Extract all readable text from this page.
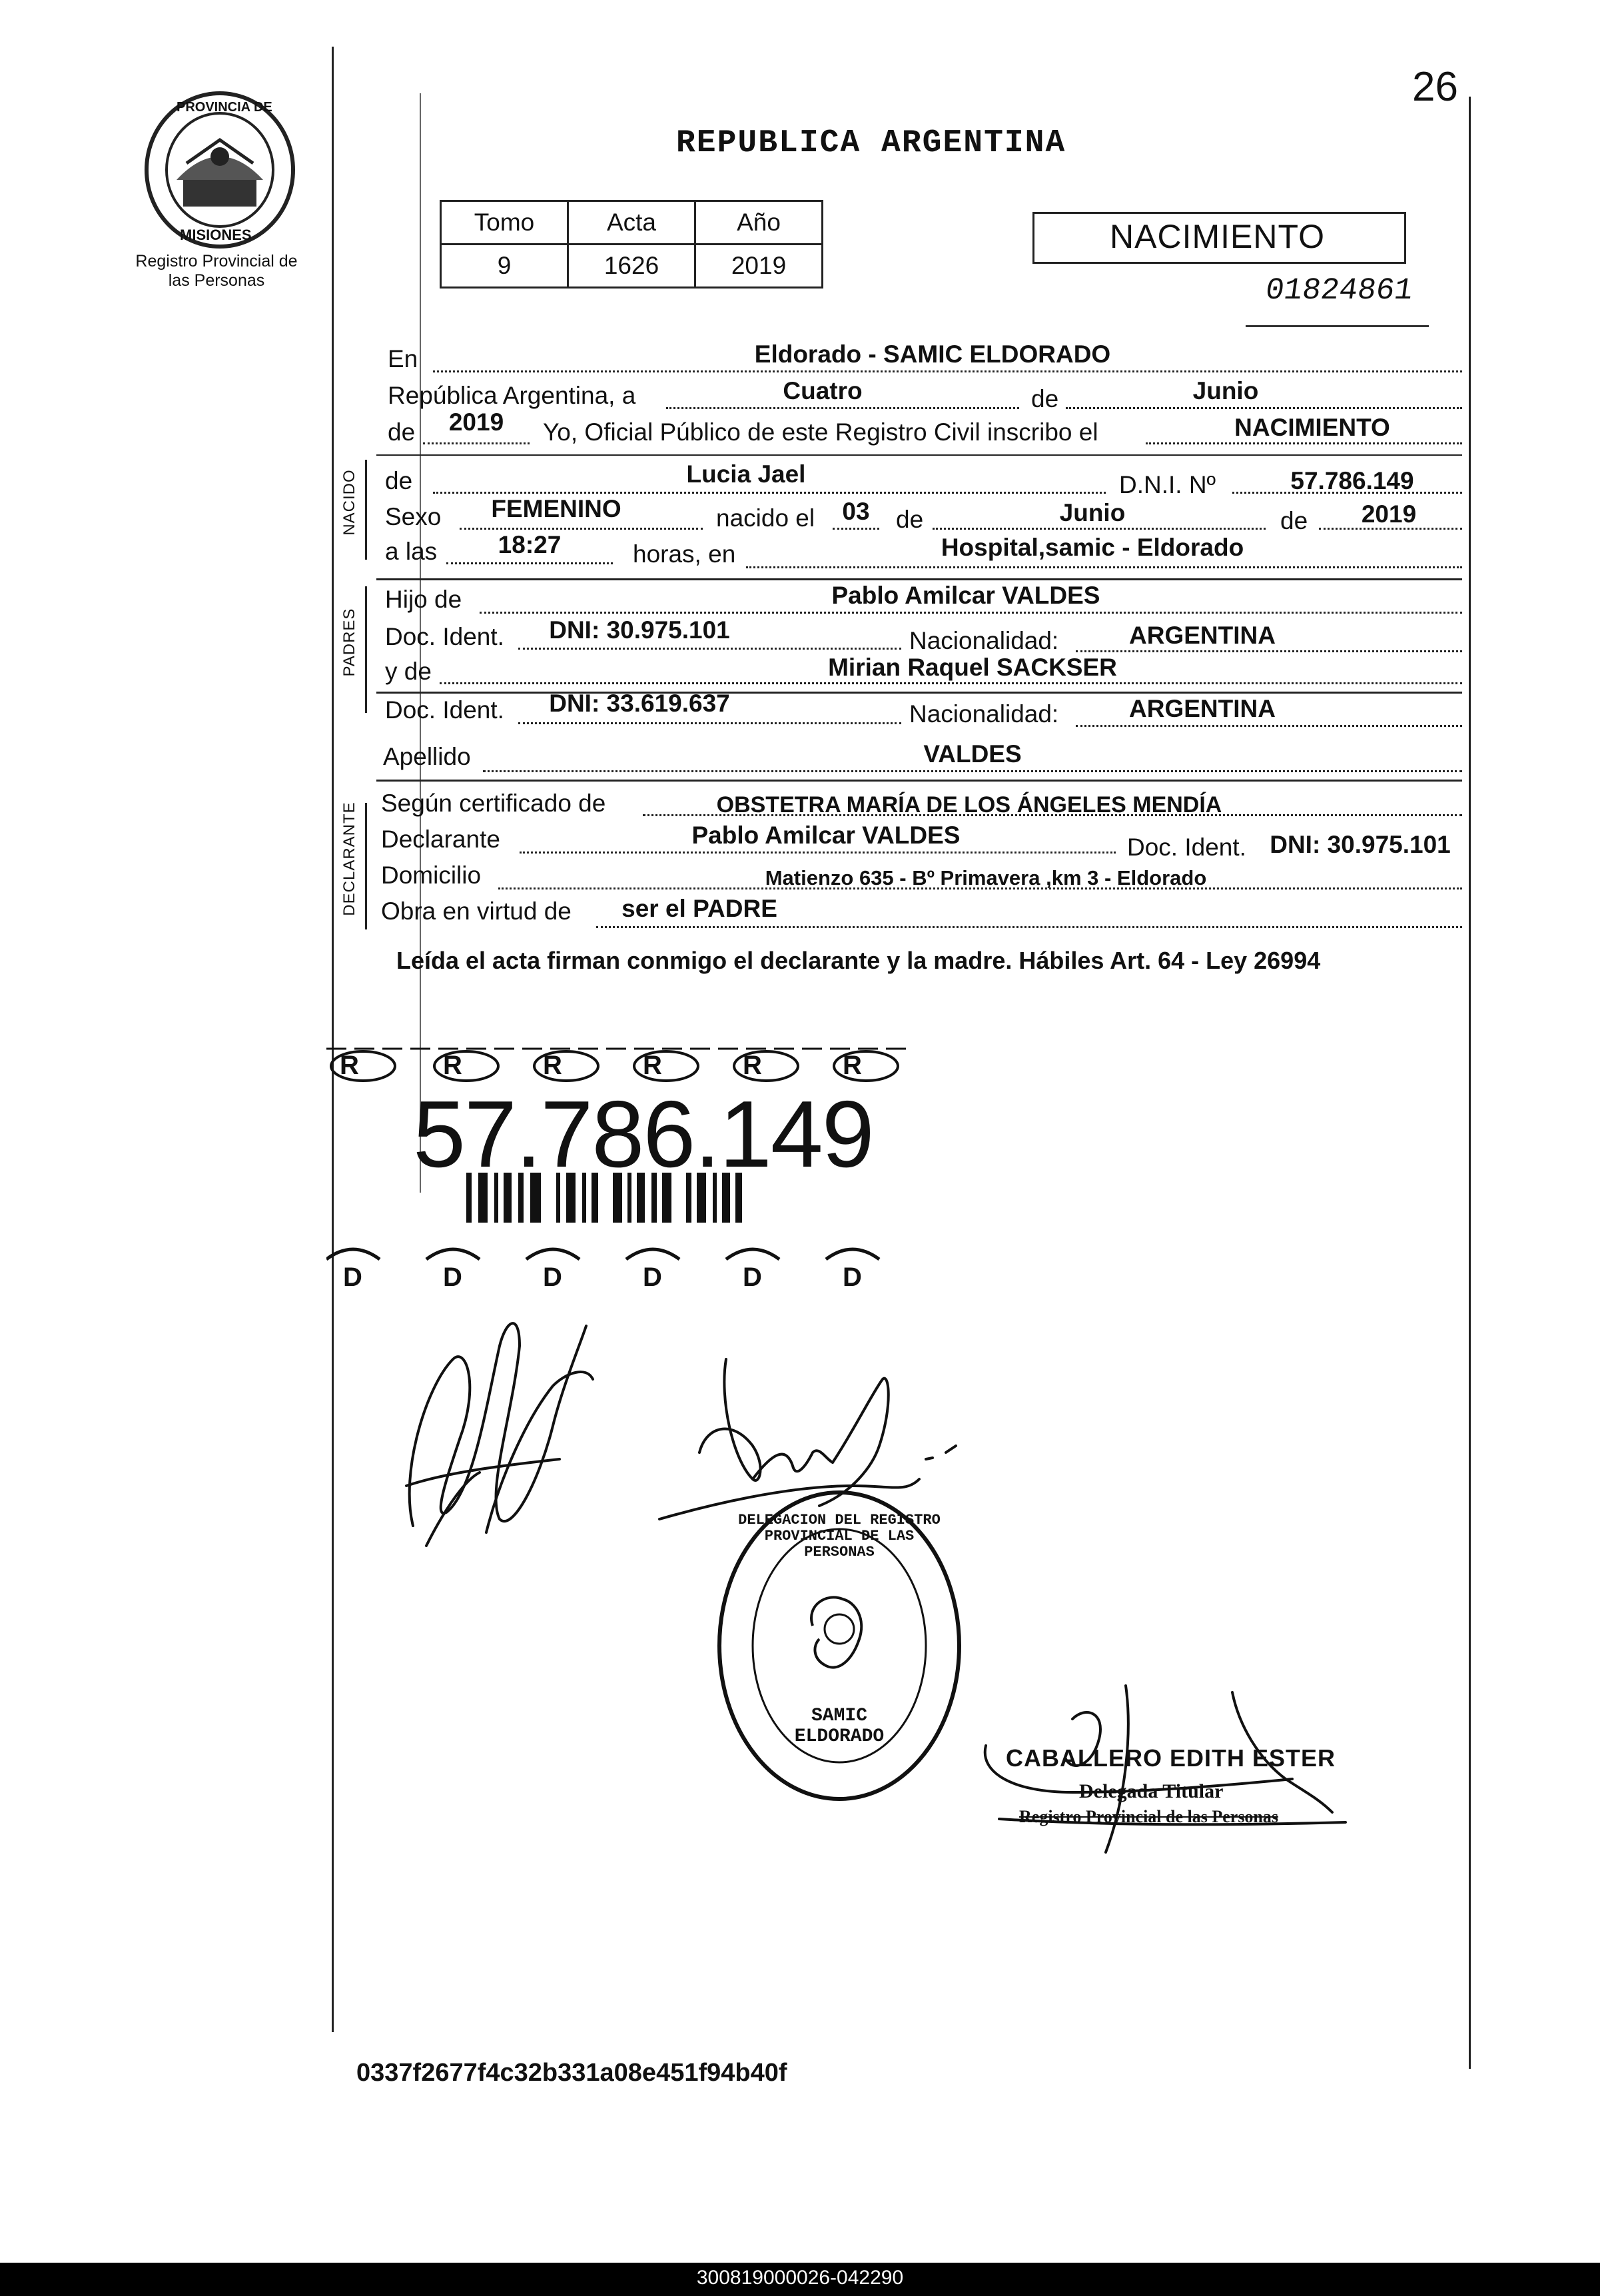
26
PROVINCIA DE
MISIONES
Registro Provincial de las Personas
REPUBLICA ARGENTINA
Tomo	Acta	Año
9	1626	2019
NACIMIENTO
01824861
En	Eldorado - SAMIC ELDORADO
República Argentina, a	Cuatro	de	Junio
de	2019	Yo, Oficial Público de este Registro Civil inscribo el	NACIMIENTO
NACIDO de	Lucia Jael	D.N.I. Nº	57.786.149
Sexo	FEMENINO	nacido el	03	de	Junio	de	2019
a las	18:27	horas, en	Hospital,samic - Eldorado
PADRES
Hijo de	Pablo Amilcar VALDES
Doc. Ident.	DNI: 30.975.101	Nacionalidad:	ARGENTINA
y de	Mirian Raquel SACKSER
Doc. Ident.	DNI: 33.619.637	Nacionalidad:	ARGENTINA
Apellido	VALDES
DECLARANTE Según certificado de	OBSTETRA MARÍA DE LOS ÁNGELES MENDÍA
Declarante	Pablo Amilcar VALDES	Doc. Ident. DNI: 30.975.101
Domicilio	Matienzo 635 - Bº Primavera ,km 3 - Eldorado
Obra en virtud de	ser el PADRE
Leída el acta firman conmigo el declarante y la madre. Hábiles Art. 64 - Ley 26994
R	R	R	R	R	R
D	D	D	D	D	D
57.786.149
DELEGACION DEL REGISTRO PROVINCIAL DE LAS PERSONAS
SAMIC ELDORADO
CABALLERO EDITH ESTER
Delegada Titular
Registro Provincial de las Personas
0337f2677f4c32b331a08e451f94b40f
300819000026-042290
